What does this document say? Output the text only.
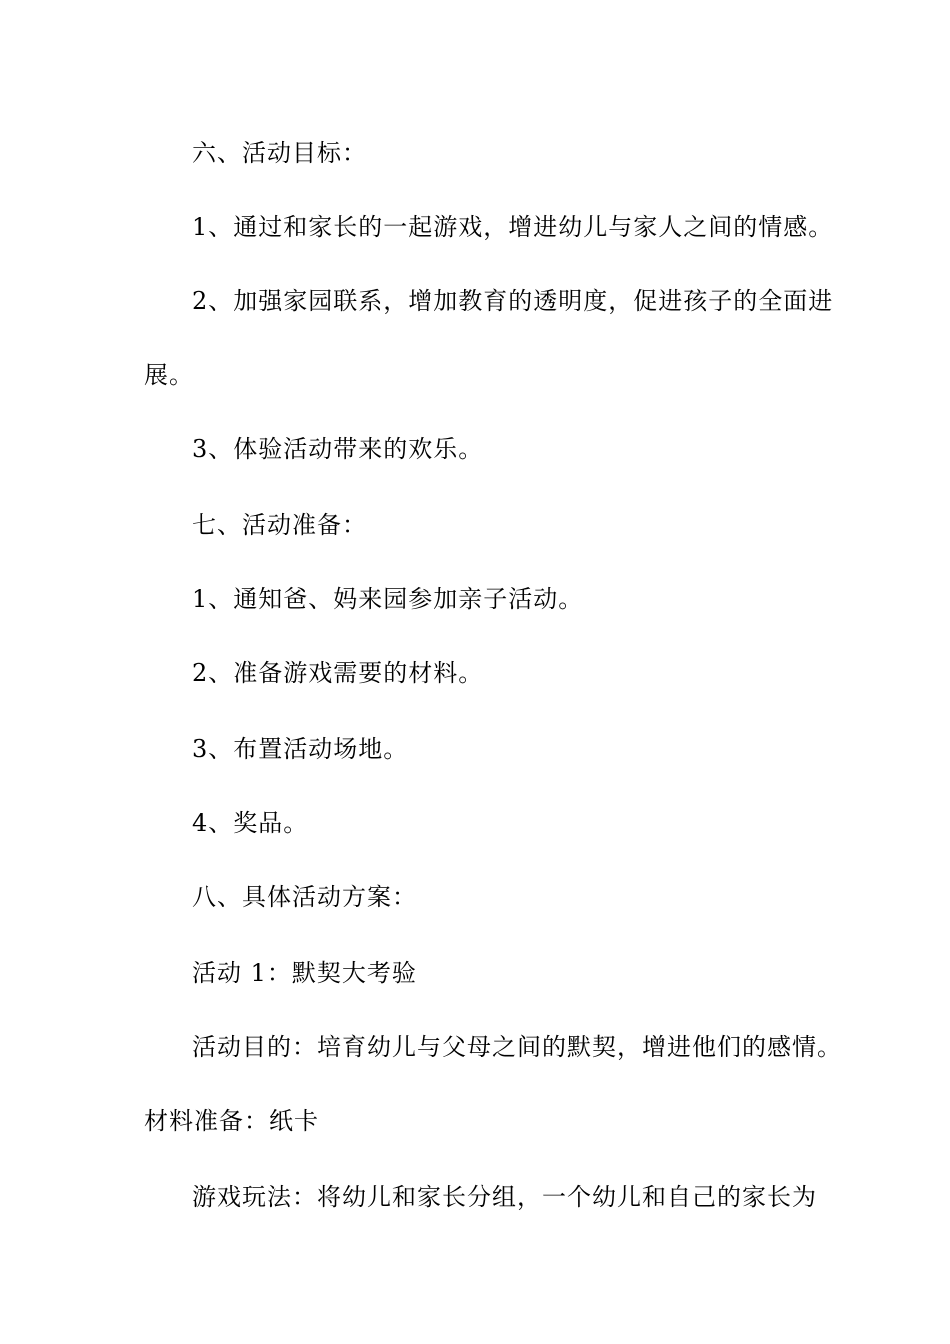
六、活动目标：
1、通过和家长的一起游戏，增进幼儿与家人之间的情感。
2、加强家园联系，增加教育的透明度，促进孩子的全面进
展。
3、体验活动带来的欢乐。
七、活动准备：
1、通知爸、妈来园参加亲子活动。
2、准备游戏需要的材料。
3、布置活动场地。
4、奖品。
八、具体活动方案：
活动 1：默契大考验
活动目的：培育幼儿与父母之间的默契，增进他们的感情。
材料准备：纸卡
游戏玩法：将幼儿和家长分组，一个幼儿和自己的家长为
